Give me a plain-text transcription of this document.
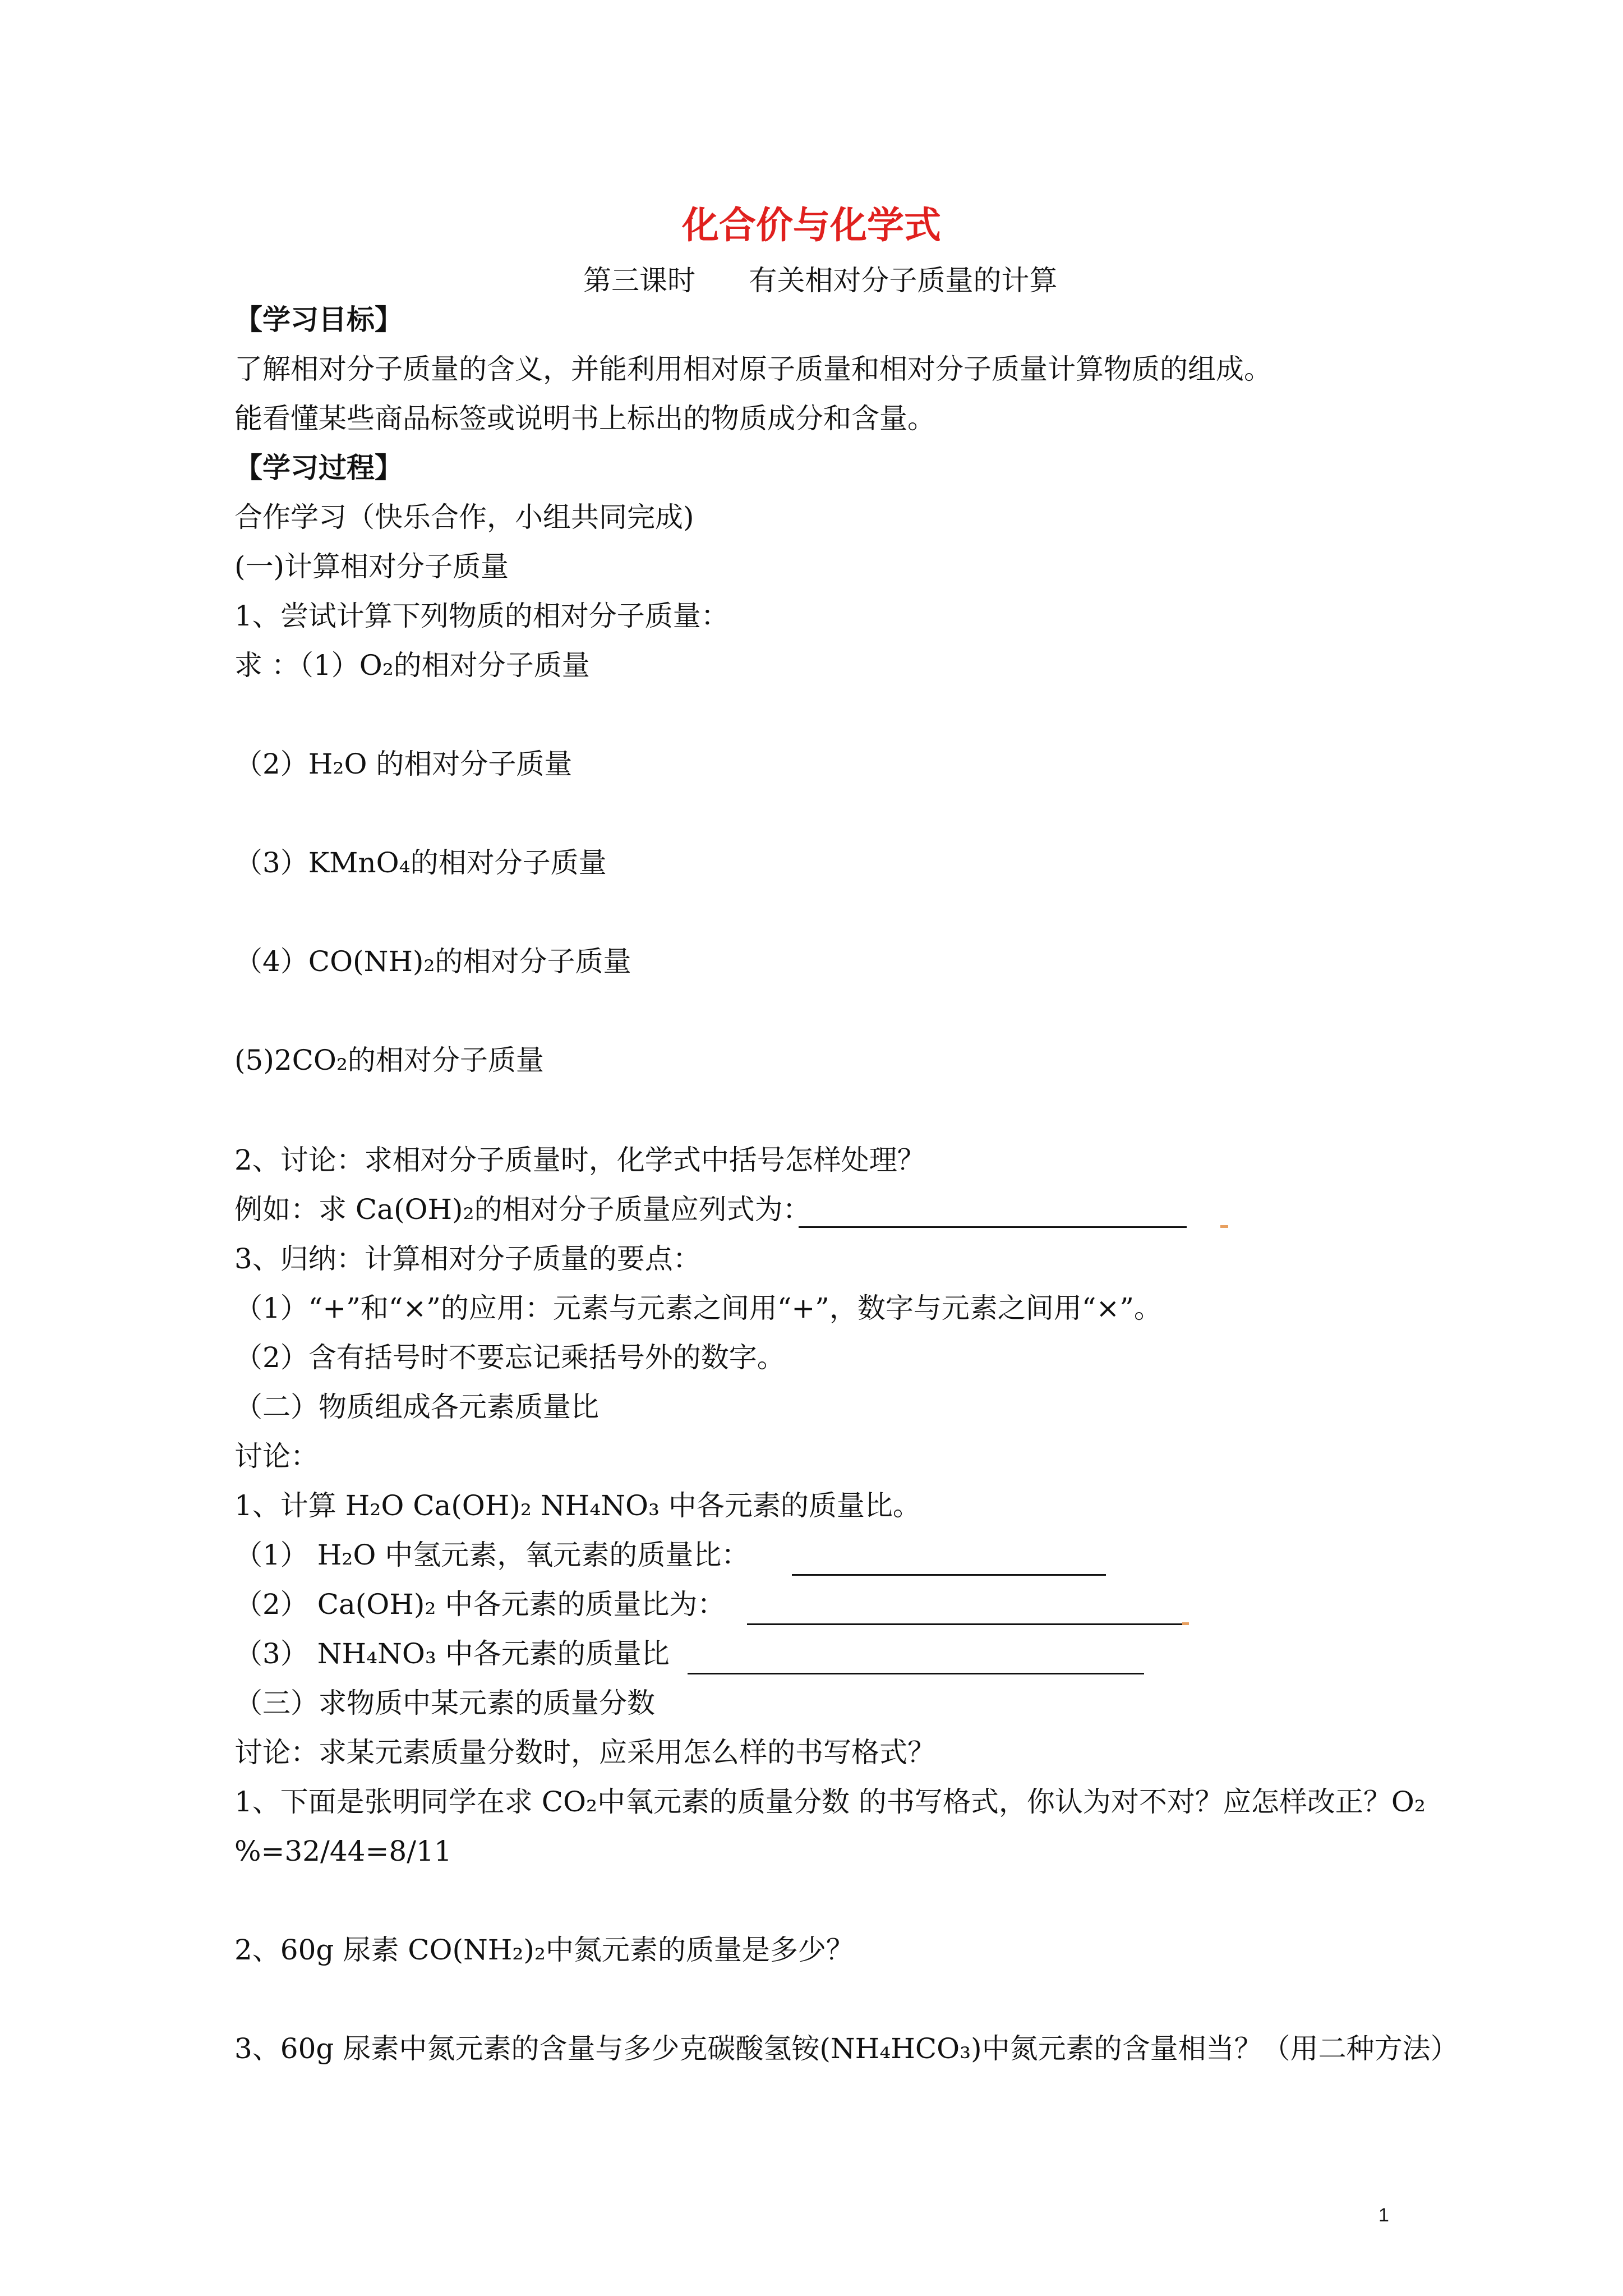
化合价与化学式
第三课时      有关相对分子质量的计算
【学习目标】
了解相对分子质量的含义，并能利用相对原子质量和相对分子质量计算物质的组成。
能看懂某些商品标签或说明书上标出的物质成分和含量。
【学习过程】
合作学习（快乐合作，小组共同完成)
(一)计算相对分子质量
1、尝试计算下列物质的相对分子质量：
求 ：（1）O₂的相对分子质量
（2）H₂O 的相对分子质量
（3）KMnO₄的相对分子质量
（4）CO(NH)₂的相对分子质量
(5)2CO₂的相对分子质量
2、讨论：求相对分子质量时，化学式中括号怎样处理？
例如：求 Ca(OH)₂的相对分子质量应列式为：
3、归纳：计算相对分子质量的要点：
（1）“+”和“×”的应用：元素与元素之间用“+”，数字与元素之间用“×”。
（2）含有括号时不要忘记乘括号外的数字。
（二）物质组成各元素质量比
讨论：
1、计算 H₂O Ca(OH)₂ NH₄NO₃ 中各元素的质量比。
（1） H₂O 中氢元素，氧元素的质量比：
（2） Ca(OH)₂ 中各元素的质量比为：
（3） NH₄NO₃ 中各元素的质量比
（三）求物质中某元素的质量分数
讨论：求某元素质量分数时，应采用怎么样的书写格式？
1、下面是张明同学在求 CO₂中氧元素的质量分数 的书写格式，你认为对不对？应怎样改正？O₂
%=32/44=8/11
2、60g 尿素 CO(NH₂)₂中氮元素的质量是多少？
3、60g 尿素中氮元素的含量与多少克碳酸氢铵(NH₄HCO₃)中氮元素的含量相当？（用二种方法）
1
